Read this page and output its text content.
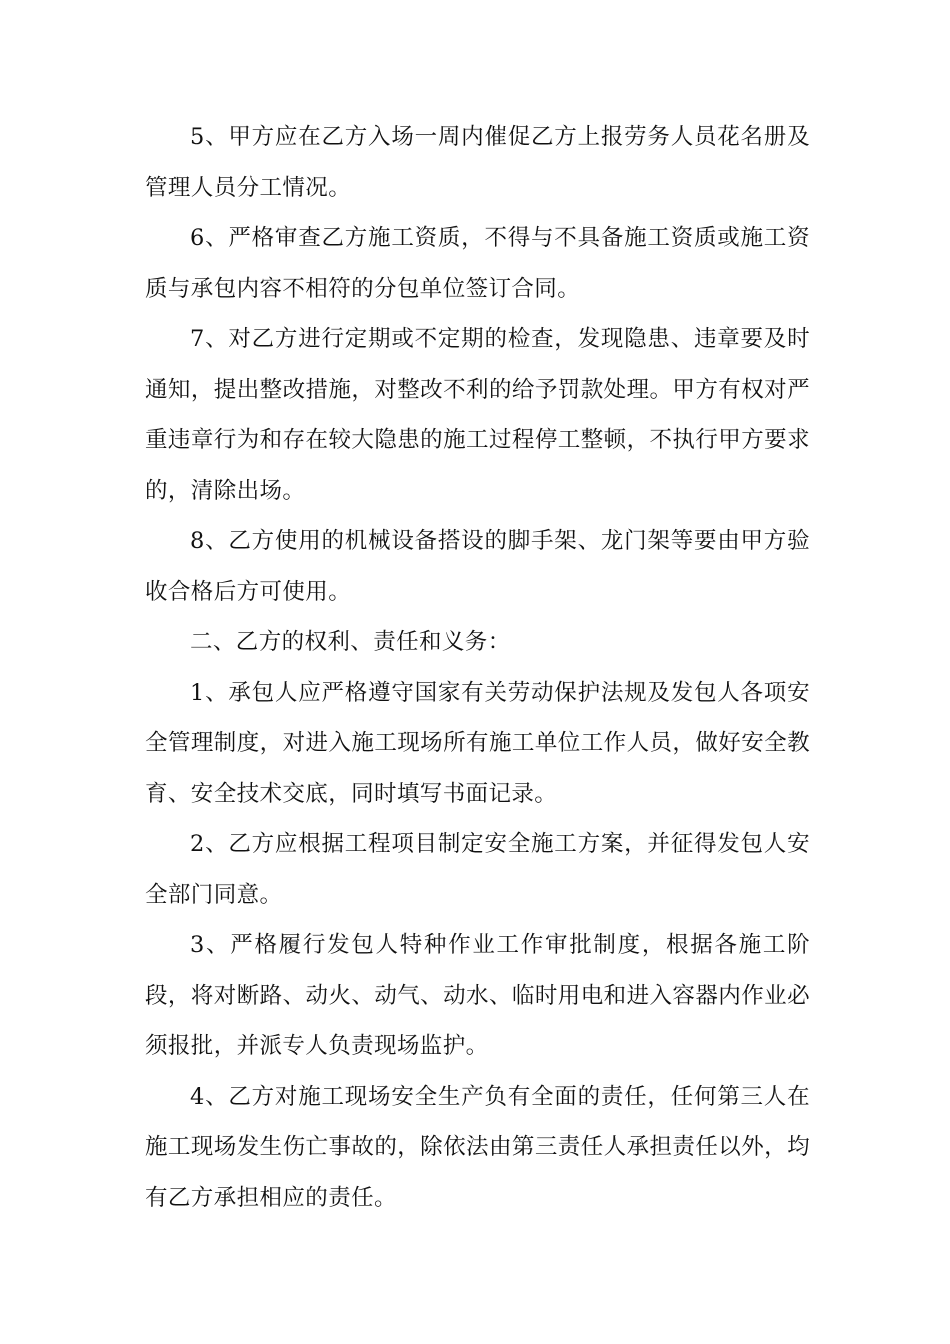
5、甲方应在乙方入场一周内催促乙方上报劳务人员花名册及管理人员分工情况。

6、严格审查乙方施工资质，不得与不具备施工资质或施工资质与承包内容不相符的分包单位签订合同。

7、对乙方进行定期或不定期的检查，发现隐患、违章要及时通知，提出整改措施，对整改不利的给予罚款处理。甲方有权对严重违章行为和存在较大隐患的施工过程停工整顿，不执行甲方要求的，清除出场。

8、乙方使用的机械设备搭设的脚手架、龙门架等要由甲方验收合格后方可使用。

二、乙方的权利、责任和义务：

1、承包人应严格遵守国家有关劳动保护法规及发包人各项安全管理制度，对进入施工现场所有施工单位工作人员，做好安全教育、安全技术交底，同时填写书面记录。

2、乙方应根据工程项目制定安全施工方案，并征得发包人安全部门同意。

3、严格履行发包人特种作业工作审批制度，根据各施工阶段，将对断路、动火、动气、动水、临时用电和进入容器内作业必须报批，并派专人负责现场监护。

4、乙方对施工现场安全生产负有全面的责任，任何第三人在施工现场发生伤亡事故的，除依法由第三责任人承担责任以外，均有乙方承担相应的责任。
